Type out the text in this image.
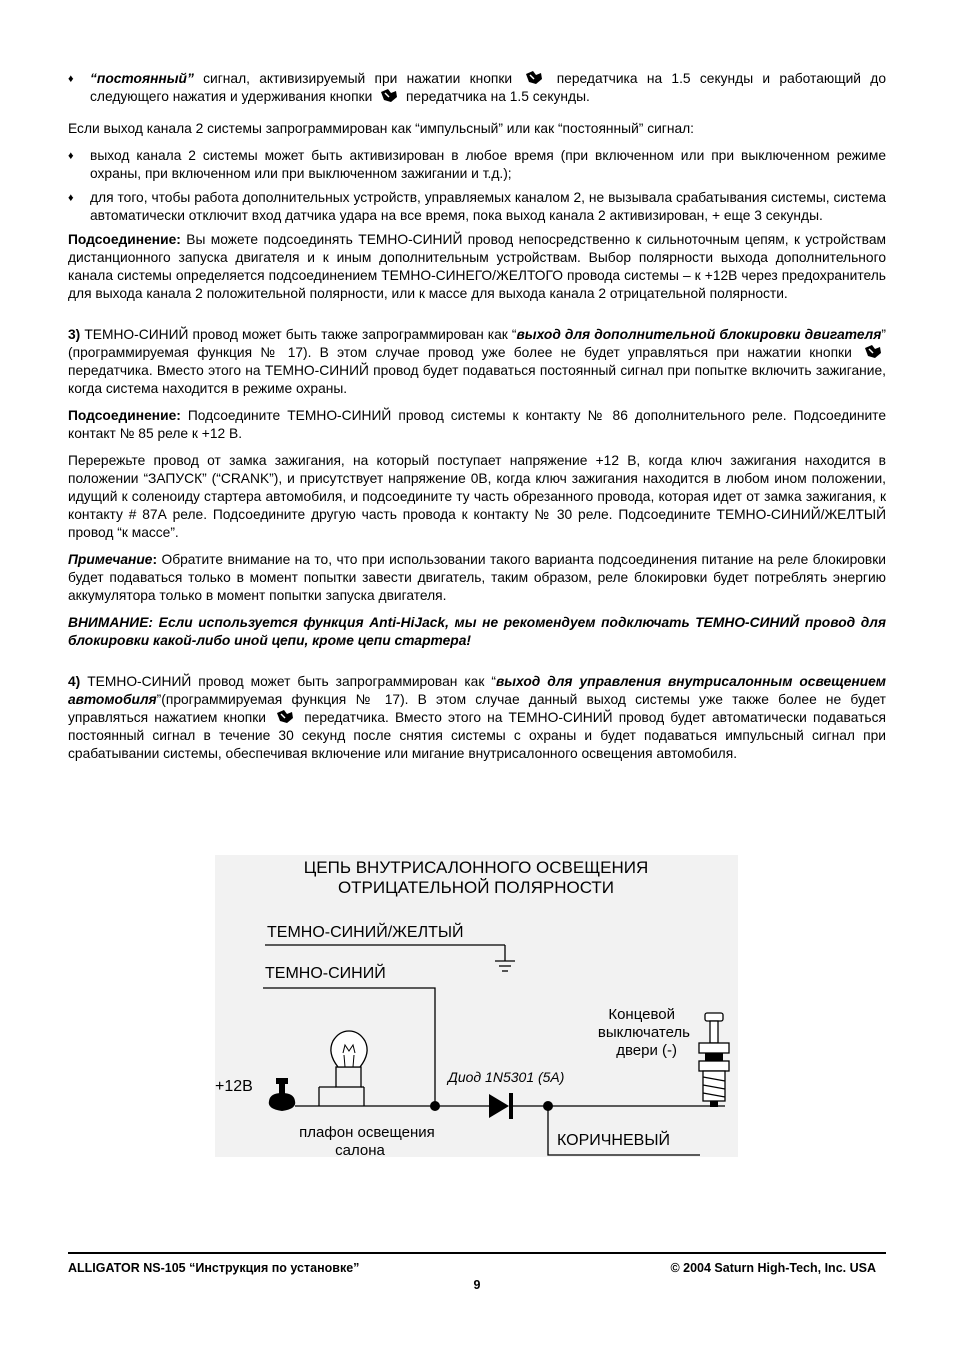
♦ “постоянный” сигнал, активизируемый при нажатии кнопки  передатчика на 1.5 секунды и работающий до следующего нажатия и удерживания кнопки  передатчика на 1.5 секунды.

Если выход канала 2 системы запрограммирован как “импульсный” или как “постоянный” сигнал:

♦ выход канала 2 системы может быть активизирован в любое время (при включенном или при выключенном режиме охраны, при включенном или при выключенном зажигании и т.д.);
♦ для того, чтобы работа дополнительных устройств, управляемых каналом 2, не вызывала срабатывания системы, система автоматически отключит вход датчика удара на все время, пока выход канала 2 активизирован, + еще 3 секунды.

Подсоединение: Вы можете подсоединять ТЕМНО-СИНИЙ провод непосредственно к сильноточным цепям, к устройствам дистанционного запуска двигателя и к иным дополнительным устройствам. Выбор полярности выхода дополнительного канала системы определяется подсоединением ТЕМНО-СИНЕГО/ЖЕЛТОГО провода системы – к +12В через предохранитель для выхода канала 2 положительной полярности, или к массе для выхода канала 2 отрицательной полярности.

3) ТЕМНО-СИНИЙ провод может быть также запрограммирован как “выход для дополнительной блокировки двигателя” (программируемая функция № 17). В этом случае провод уже более не будет управляться при нажатии кнопки  передатчика. Вместо этого на ТЕМНО-СИНИЙ провод будет подаваться постоянный сигнал при попытке включить зажигание, когда система находится в режиме охраны.

Подсоединение: Подсоедините ТЕМНО-СИНИЙ провод системы к контакту № 86 дополнительного реле. Подсоедините контакт № 85 реле к +12 В.

Перережьте провод от замка зажигания, на который поступает напряжение +12 В, когда ключ зажигания находится в положении “ЗАПУСК” (“CRANK”), и присутствует напряжение 0В, когда ключ зажигания находится в любом ином положении, идущий к соленоиду стартера автомобиля, и подсоедините ту часть обрезанного провода, которая идет от замка зажигания, к контакту # 87А реле. Подсоедините другую часть провода к контакту № 30 реле. Подсоедините ТЕМНО-СИНИЙ/ЖЕЛТЫЙ провод “к массе”.

Примечание: Обратите внимание на то, что при использовании такого варианта подсоединения питание на реле блокировки будет подаваться только в момент попытки завести двигатель, таким образом, реле блокировки будет потреблять энергию аккумулятора только в момент попытки запуска двигателя.

ВНИМАНИЕ: Если используется функция Anti-HiJack, мы не рекомендуем подключать ТЕМНО-СИНИЙ провод для блокировки какой-либо иной цепи, кроме цепи стартера!

4) ТЕМНО-СИНИЙ провод может быть запрограммирован как “выход для управления внутрисалонным освещением автомобиля”(программируемая функция № 17). В этом случае данный выход системы уже также более не будет управляться нажатием кнопки  передатчика. Вместо этого на ТЕМНО-СИНИЙ провод будет автоматически подаваться постоянный сигнал в течение 30 секунд после снятия системы с охраны и будет подаваться импульсный сигнал при срабатывании системы, обеспечивая включение или мигание внутрисалонного освещения автомобиля.

ЦЕПЬ ВНУТРИСАЛОННОГО ОСВЕЩЕНИЯ
ОТРИЦАТЕЛЬНОЙ ПОЛЯРНОСТИ
ТЕМНО-СИНИЙ/ЖЕЛТЫЙ
ТЕМНО-СИНИЙ
+12В
плафон освещения
салона
Диод 1N5301 (5A)
КОРИЧНЕВЫЙ
Концевой
выключатель
двери (-)
ALLIGATOR NS-105 “Инструкция по установке”	© 2004 Saturn High-Tech, Inc. USA
9
